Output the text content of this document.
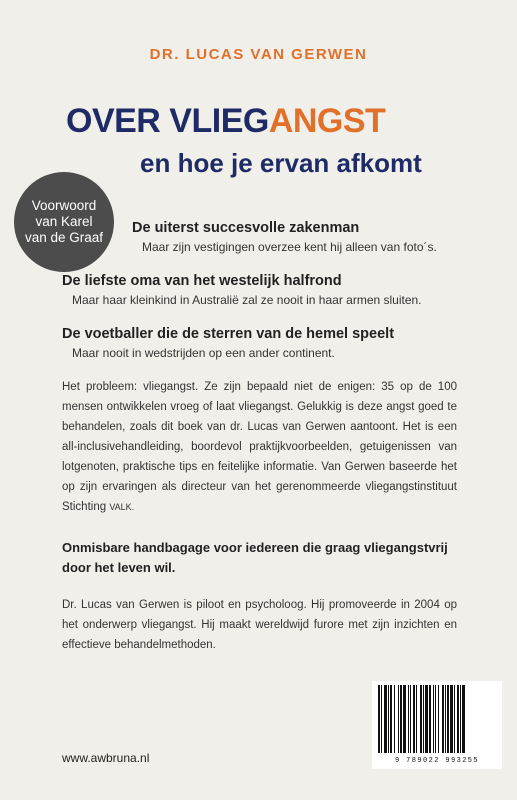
DR. LUCAS VAN GERWEN
OVER VLIEGANGST
en hoe je ervan afkomt
Voorwoord
van Karel
van de Graaf
De uiterst succesvolle zakenman
Maar zijn vestigingen overzee kent hij alleen van foto´s.
De liefste oma van het westelijk halfrond
Maar haar kleinkind in Australië zal ze nooit in haar armen sluiten.
De voetballer die de sterren van de hemel speelt
Maar nooit in wedstrijden op een ander continent.
Het probleem: vliegangst. Ze zijn bepaald niet de enigen: 35 op de 100 mensen ontwikkelen vroeg of laat vliegangst. Gelukkig is deze angst goed te behandelen, zoals dit boek van dr. Lucas van Gerwen aantoont. Het is een all-inclusivehandleiding, boordevol praktijkvoorbeelden, getuigenissen van lotgenoten, praktische tips en feitelijke informatie. Van Gerwen baseerde het op zijn ervaringen als directeur van het gerenommeerde vliegangstinstituut Stichting VALK.
Onmisbare handbagage voor iedereen die graag vliegangstvrij door het leven wil.
Dr. Lucas van Gerwen is piloot en psycholoog. Hij promoveerde in 2004 op het onderwerp vliegangst. Hij maakt wereldwijd furore met zijn inzichten en effectieve behandelmethoden.
www.awbruna.nl	9 789022 993255
